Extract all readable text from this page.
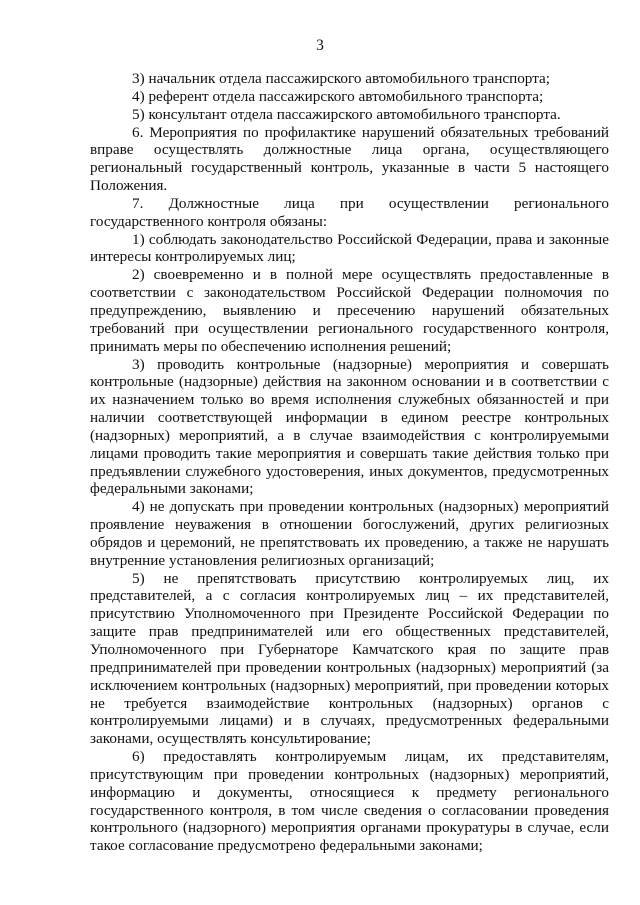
3

3) начальник отдела пассажирского автомобильного транспорта;

4) референт отдела пассажирского автомобильного транспорта;

5) консультант отдела пассажирского автомобильного транспорта.

6. Мероприятия по профилактике нарушений обязательных требований вправе осуществлять должностные лица органа, осуществляющего региональный государственный контроль, указанные в части 5 настоящего Положения.

7. Должностные лица при осуществлении регионального государственного контроля обязаны:

1) соблюдать законодательство Российской Федерации, права и законные интересы контролируемых лиц;

2) своевременно и в полной мере осуществлять предоставленные в соответствии с законодательством Российской Федерации полномочия по предупреждению, выявлению и пресечению нарушений обязательных требований при осуществлении регионального государственного контроля, принимать меры по обеспечению исполнения решений;

3) проводить контрольные (надзорные) мероприятия и совершать контрольные (надзорные) действия на законном основании и в соответствии с их назначением только во время исполнения служебных обязанностей и при наличии соответствующей информации в едином реестре контрольных (надзорных) мероприятий, а в случае взаимодействия с контролируемыми лицами проводить такие мероприятия и совершать такие действия только при предъявлении служебного удостоверения, иных документов, предусмотренных федеральными законами;

4) не допускать при проведении контрольных (надзорных) мероприятий проявление неуважения в отношении богослужений, других религиозных обрядов и церемоний, не препятствовать их проведению, а также не нарушать внутренние установления религиозных организаций;

5) не препятствовать присутствию контролируемых лиц, их представителей, а с согласия контролируемых лиц – их представителей, присутствию Уполномоченного при Президенте Российской Федерации по защите прав предпринимателей или его общественных представителей, Уполномоченного при Губернаторе Камчатского края по защите прав предпринимателей при проведении контрольных (надзорных) мероприятий (за исключением контрольных (надзорных) мероприятий, при проведении которых не требуется взаимодействие контрольных (надзорных) органов с контролируемыми лицами) и в случаях, предусмотренных федеральными законами, осуществлять консультирование;

6) предоставлять контролируемым лицам, их представителям, присутствующим при проведении контрольных (надзорных) мероприятий, информацию и документы, относящиеся к предмету регионального государственного контроля, в том числе сведения о согласовании проведения контрольного (надзорного) мероприятия органами прокуратуры в случае, если такое согласование предусмотрено федеральными законами;
